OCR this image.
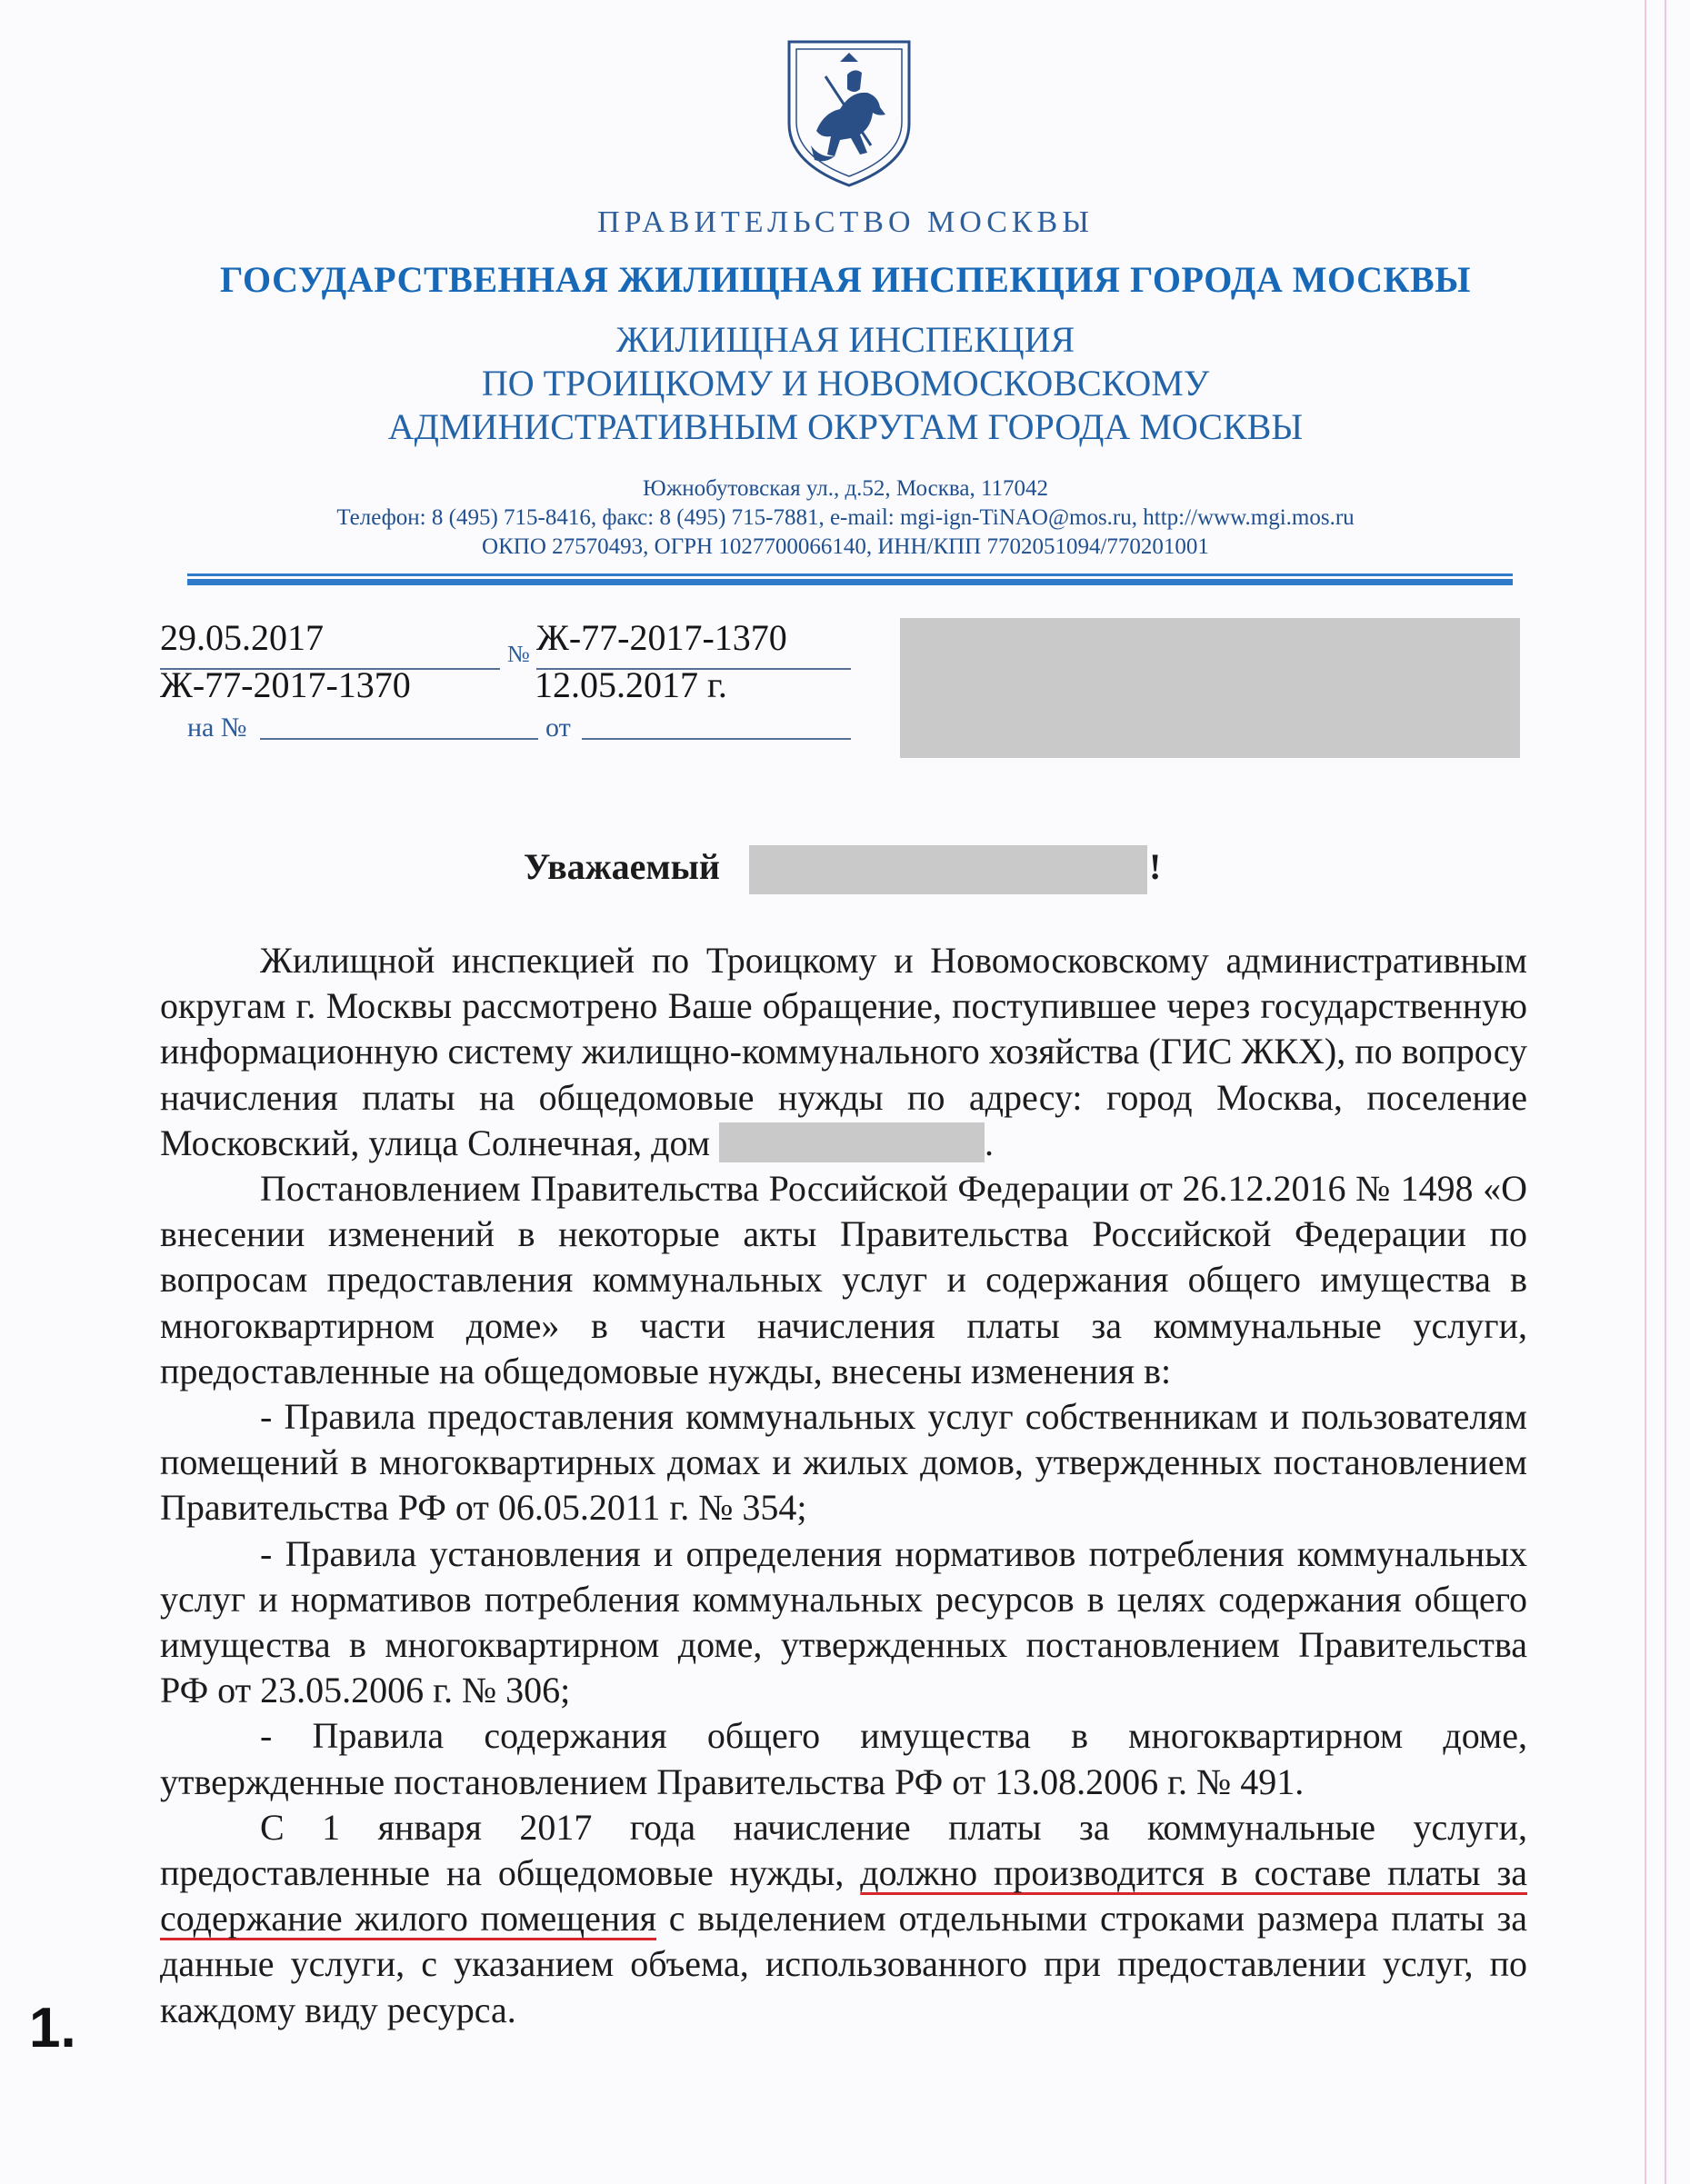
ПРАВИТЕЛЬСТВО МОСКВЫ
ГОСУДАРСТВЕННАЯ ЖИЛИЩНАЯ ИНСПЕКЦИЯ ГОРОДА МОСКВЫ
ЖИЛИЩНАЯ ИНСПЕКЦИЯ
ПО ТРОИЦКОМУ И НОВОМОСКОВСКОМУ
АДМИНИСТРАТИВНЫМ ОКРУГАМ ГОРОДА МОСКВЫ
Южнобутовская ул., д.52, Москва, 117042
Телефон: 8 (495) 715-8416, факс: 8 (495) 715-7881, e-mail: mgi-ign-TiNAO@mos.ru, http://www.mgi.mos.ru
ОКПО 27570493, ОГРН 1027700066140, ИНН/КПП 7702051094/770201001
29.05.2017	№ Ж-77-2017-1370
Ж-77-2017-1370	12.05.2017 г.
на №	от
Уважаемый	!

Жилищной инспекцией по Троицкому и Новомосковскому административным округам г. Москвы рассмотрено Ваше обращение, поступившее через государственную информационную систему жилищно-коммунального хозяйства (ГИС ЖКХ), по вопросу начисления платы на общедомовые нужды по адресу: город Москва, поселение Московский, улица Солнечная, дом	.

Постановлением Правительства Российской Федерации от 26.12.2016 № 1498 «О внесении изменений в некоторые акты Правительства Российской Федерации по вопросам предоставления коммунальных услуг и содержания общего имущества в многоквартирном доме» в части начисления платы за коммунальные услуги, предоставленные на общедомовые нужды, внесены изменения в:

- Правила предоставления коммунальных услуг собственникам и пользователям помещений в многоквартирных домах и жилых домов, утвержденных постановлением Правительства РФ от 06.05.2011 г. № 354;

- Правила установления и определения нормативов потребления коммунальных услуг и нормативов потребления коммунальных ресурсов в целях содержания общего имущества в многоквартирном доме, утвержденных постановлением Правительства РФ от 23.05.2006 г. № 306;

- Правила содержания общего имущества в многоквартирном доме, утвержденные постановлением Правительства РФ от 13.08.2006 г. № 491.

С 1 января 2017 года начисление платы за коммунальные услуги, предоставленные на общедомовые нужды, должно производится в составе платы за содержание жилого помещения с выделением отдельными строками размера платы за данные услуги, с указанием объема, использованного при предоставлении услуг, по каждому виду ресурса.

1.
